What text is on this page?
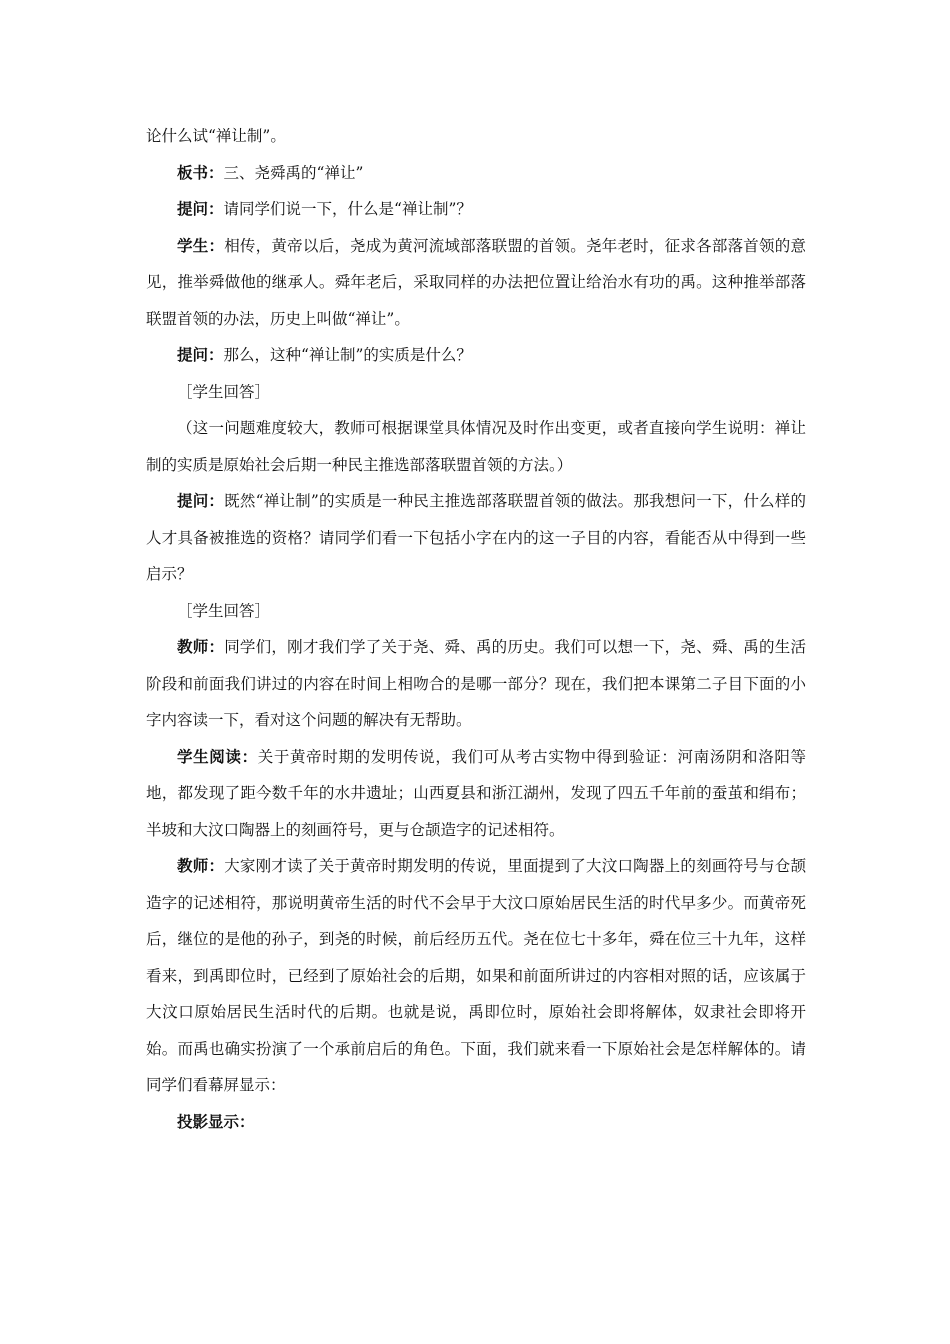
论什么试“禅让制”。

板书：三、尧舜禹的“禅让”

提问：请同学们说一下，什么是“禅让制”？

学生：相传，黄帝以后，尧成为黄河流域部落联盟的首领。尧年老时，征求各部落首领的意见，推举舜做他的继承人。舜年老后，采取同样的办法把位置让给治水有功的禹。这种推举部落联盟首领的办法，历史上叫做“禅让”。

提问：那么，这种“禅让制”的实质是什么？

［学生回答］

（这一问题难度较大，教师可根据课堂具体情况及时作出变更，或者直接向学生说明：禅让制的实质是原始社会后期一种民主推选部落联盟首领的方法。）

提问：既然“禅让制”的实质是一种民主推选部落联盟首领的做法。那我想问一下，什么样的人才具备被推选的资格？请同学们看一下包括小字在内的这一子目的内容，看能否从中得到一些启示？

［学生回答］

教师：同学们，刚才我们学了关于尧、舜、禹的历史。我们可以想一下，尧、舜、禹的生活阶段和前面我们讲过的内容在时间上相吻合的是哪一部分？现在，我们把本课第二子目下面的小字内容读一下，看对这个问题的解决有无帮助。

学生阅读：关于黄帝时期的发明传说，我们可从考古实物中得到验证：河南汤阴和洛阳等地，都发现了距今数千年的水井遗址；山西夏县和浙江湖州，发现了四五千年前的蚕茧和绢布；半坡和大汶口陶器上的刻画符号，更与仓颉造字的记述相符。

教师：大家刚才读了关于黄帝时期发明的传说，里面提到了大汶口陶器上的刻画符号与仓颉造字的记述相符，那说明黄帝生活的时代不会早于大汶口原始居民生活的时代早多少。而黄帝死后，继位的是他的孙子，到尧的时候，前后经历五代。尧在位七十多年，舜在位三十九年，这样看来，到禹即位时，已经到了原始社会的后期，如果和前面所讲过的内容相对照的话，应该属于大汶口原始居民生活时代的后期。也就是说，禹即位时，原始社会即将解体，奴隶社会即将开始。而禹也确实扮演了一个承前启后的角色。下面，我们就来看一下原始社会是怎样解体的。请同学们看幕屏显示：

投影显示：
